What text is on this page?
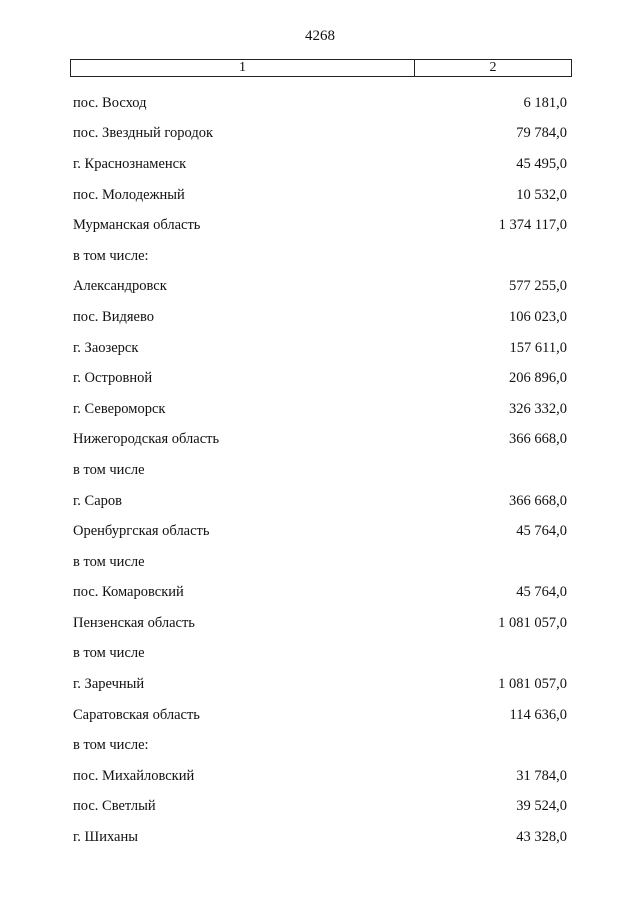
4268
1	2
пос. Восход	6 181,0
пос. Звездный городок	79 784,0
г. Краснознаменск	45 495,0
пос. Молодежный	10 532,0
Мурманская область	1 374 117,0
в том числе:
Александровск	577 255,0
пос. Видяево	106 023,0
г. Заозерск	157 611,0
г. Островной	206 896,0
г. Североморск	326 332,0
Нижегородская область	366 668,0
в том числе
г. Саров	366 668,0
Оренбургская область	45 764,0
в том числе
пос. Комаровский	45 764,0
Пензенская область	1 081 057,0
в том числе
г. Заречный	1 081 057,0
Саратовская область	114 636,0
в том числе:
пос. Михайловский	31 784,0
пос. Светлый	39 524,0
г. Шиханы	43 328,0
